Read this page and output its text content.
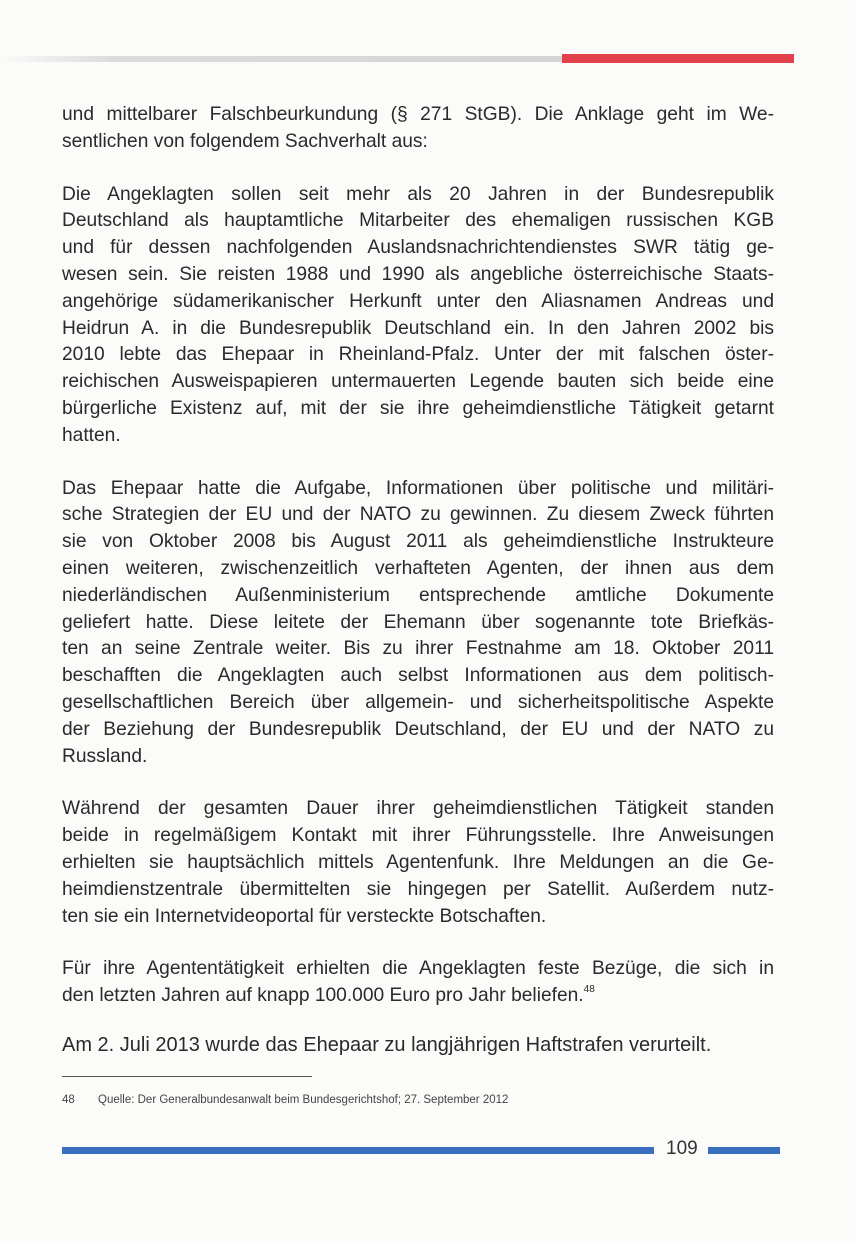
und mittelbarer Falschbeurkundung (§ 271 StGB). Die Anklage geht im We-
sentlichen von folgendem Sachverhalt aus:
Die Angeklagten sollen seit mehr als 20 Jahren in der Bundesrepublik
Deutschland als hauptamtliche Mitarbeiter des ehemaligen russischen KGB
und für dessen nachfolgenden Auslandsnachrichtendienstes SWR tätig ge-
wesen sein. Sie reisten 1988 und 1990 als angebliche österreichische Staats-
angehörige südamerikanischer Herkunft unter den Aliasnamen Andreas und
Heidrun A. in die Bundesrepublik Deutschland ein. In den Jahren 2002 bis
2010 lebte das Ehepaar in Rheinland-Pfalz. Unter der mit falschen öster-
reichischen Ausweispapieren untermauerten Legende bauten sich beide eine
bürgerliche Existenz auf, mit der sie ihre geheimdienstliche Tätigkeit getarnt
hatten.
Das Ehepaar hatte die Aufgabe, Informationen über politische und militäri-
sche Strategien der EU und der NATO zu gewinnen. Zu diesem Zweck führten
sie von Oktober 2008 bis August 2011 als geheimdienstliche Instrukteure
einen weiteren, zwischenzeitlich verhafteten Agenten, der ihnen aus dem
niederländischen Außenministerium entsprechende amtliche Dokumente
geliefert hatte. Diese leitete der Ehemann über sogenannte tote Briefkäs-
ten an seine Zentrale weiter. Bis zu ihrer Festnahme am 18. Oktober 2011
beschafften die Angeklagten auch selbst Informationen aus dem politisch-
gesellschaftlichen Bereich über allgemein- und sicherheitspolitische Aspekte
der Beziehung der Bundesrepublik Deutschland, der EU und der NATO zu
Russland.
Während der gesamten Dauer ihrer geheimdienstlichen Tätigkeit standen
beide in regelmäßigem Kontakt mit ihrer Führungsstelle. Ihre Anweisungen
erhielten sie hauptsächlich mittels Agentenfunk. Ihre Meldungen an die Ge-
heimdienstzentrale übermittelten sie hingegen per Satellit. Außerdem nutz-
ten sie ein Internetvideoportal für versteckte Botschaften.
Für ihre Agententätigkeit erhielten die Angeklagten feste Bezüge, die sich in
den letzten Jahren auf knapp 100.000 Euro pro Jahr beliefen.$^{48}$
Am 2. Juli 2013 wurde das Ehepaar zu langjährigen Haftstrafen verurteilt.
48 Quelle: Der Generalbundesanwalt beim Bundesgerichtshof; 27. September 2012
109
